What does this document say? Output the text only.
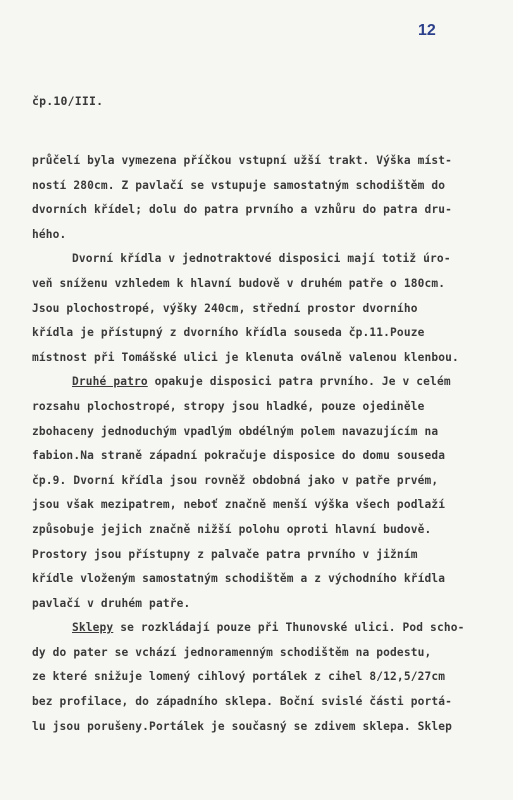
12
čp.10/III.
průčelí byla vymezena příčkou vstupní užší trakt. Výška míst-
ností 280cm. Z pavlačí se vstupuje samostatným schodištěm do
dvorních křídel; dolu do patra prvního a vzhůru do patra dru-
hého.
Dvorní křídla v jednotraktové disposici mají totiž úro-
veň sníženu vzhledem k hlavní budově v druhém patře o 180cm.
Jsou plochostropé, výšky 240cm, střední prostor dvorního
křídla je přístupný z dvorního křídla souseda čp.11.Pouze
místnost při Tomášské ulici je klenuta oválně valenou klenbou.
Druhé patro opakuje disposici patra prvního. Je v celém
rozsahu plochostropé, stropy jsou hladké, pouze ojediněle
zbohaceny jednoduchým vpadlým obdélným polem navazujícím na
fabion.Na straně západní pokračuje disposice do domu souseda
čp.9. Dvorní křídla jsou rovněž obdobná jako v patře prvém,
jsou však mezipatrem, neboť značně menší výška všech podlaží
způsobuje jejich značně nižší polohu oproti hlavní budově.
Prostory jsou přístupny z palvače patra prvního v jižním
křídle vloženým samostatným schodištěm a z východního křídla
pavlačí v druhém patře.
Sklepy se rozkládají pouze při Thunovské ulici. Pod scho-
dy do pater se vchází jednoramenným schodištěm na podestu,
ze které snižuje lomený cihlový portálek z cihel 8/12,5/27cm
bez profilace, do západního sklepa. Boční svislé části portá-
lu jsou porušeny.Portálek je současný se zdivem sklepa. Sklep
